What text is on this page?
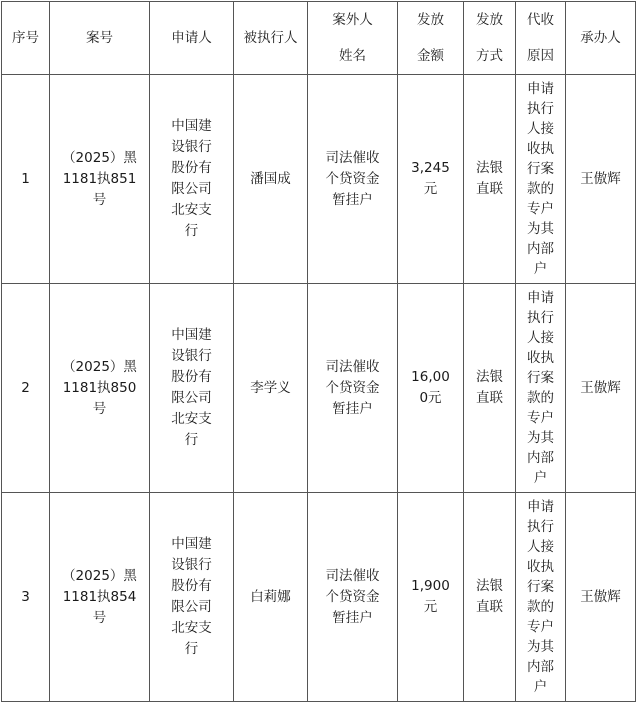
序号	案号	申请人	被执行人	案外人姓名	发放金额	发放方式	代收原因	承办人
1	（2025）黑1181执851号	中国建设银行股份有限公司北安支行	潘国成	司法催收个贷资金暂挂户	3,245元	法银直联	申请执行人接收执行案款的专户为其内部户	王傲辉
2	（2025）黑1181执850号	中国建设银行股份有限公司北安支行	李学义	司法催收个贷资金暂挂户	16,000元	法银直联	申请执行人接收执行案款的专户为其内部户	王傲辉
3	（2025）黑1181执854号	中国建设银行股份有限公司北安支行	白莉娜	司法催收个贷资金暂挂户	1,900元	法银直联	申请执行人接收执行案款的专户为其内部户	王傲辉
